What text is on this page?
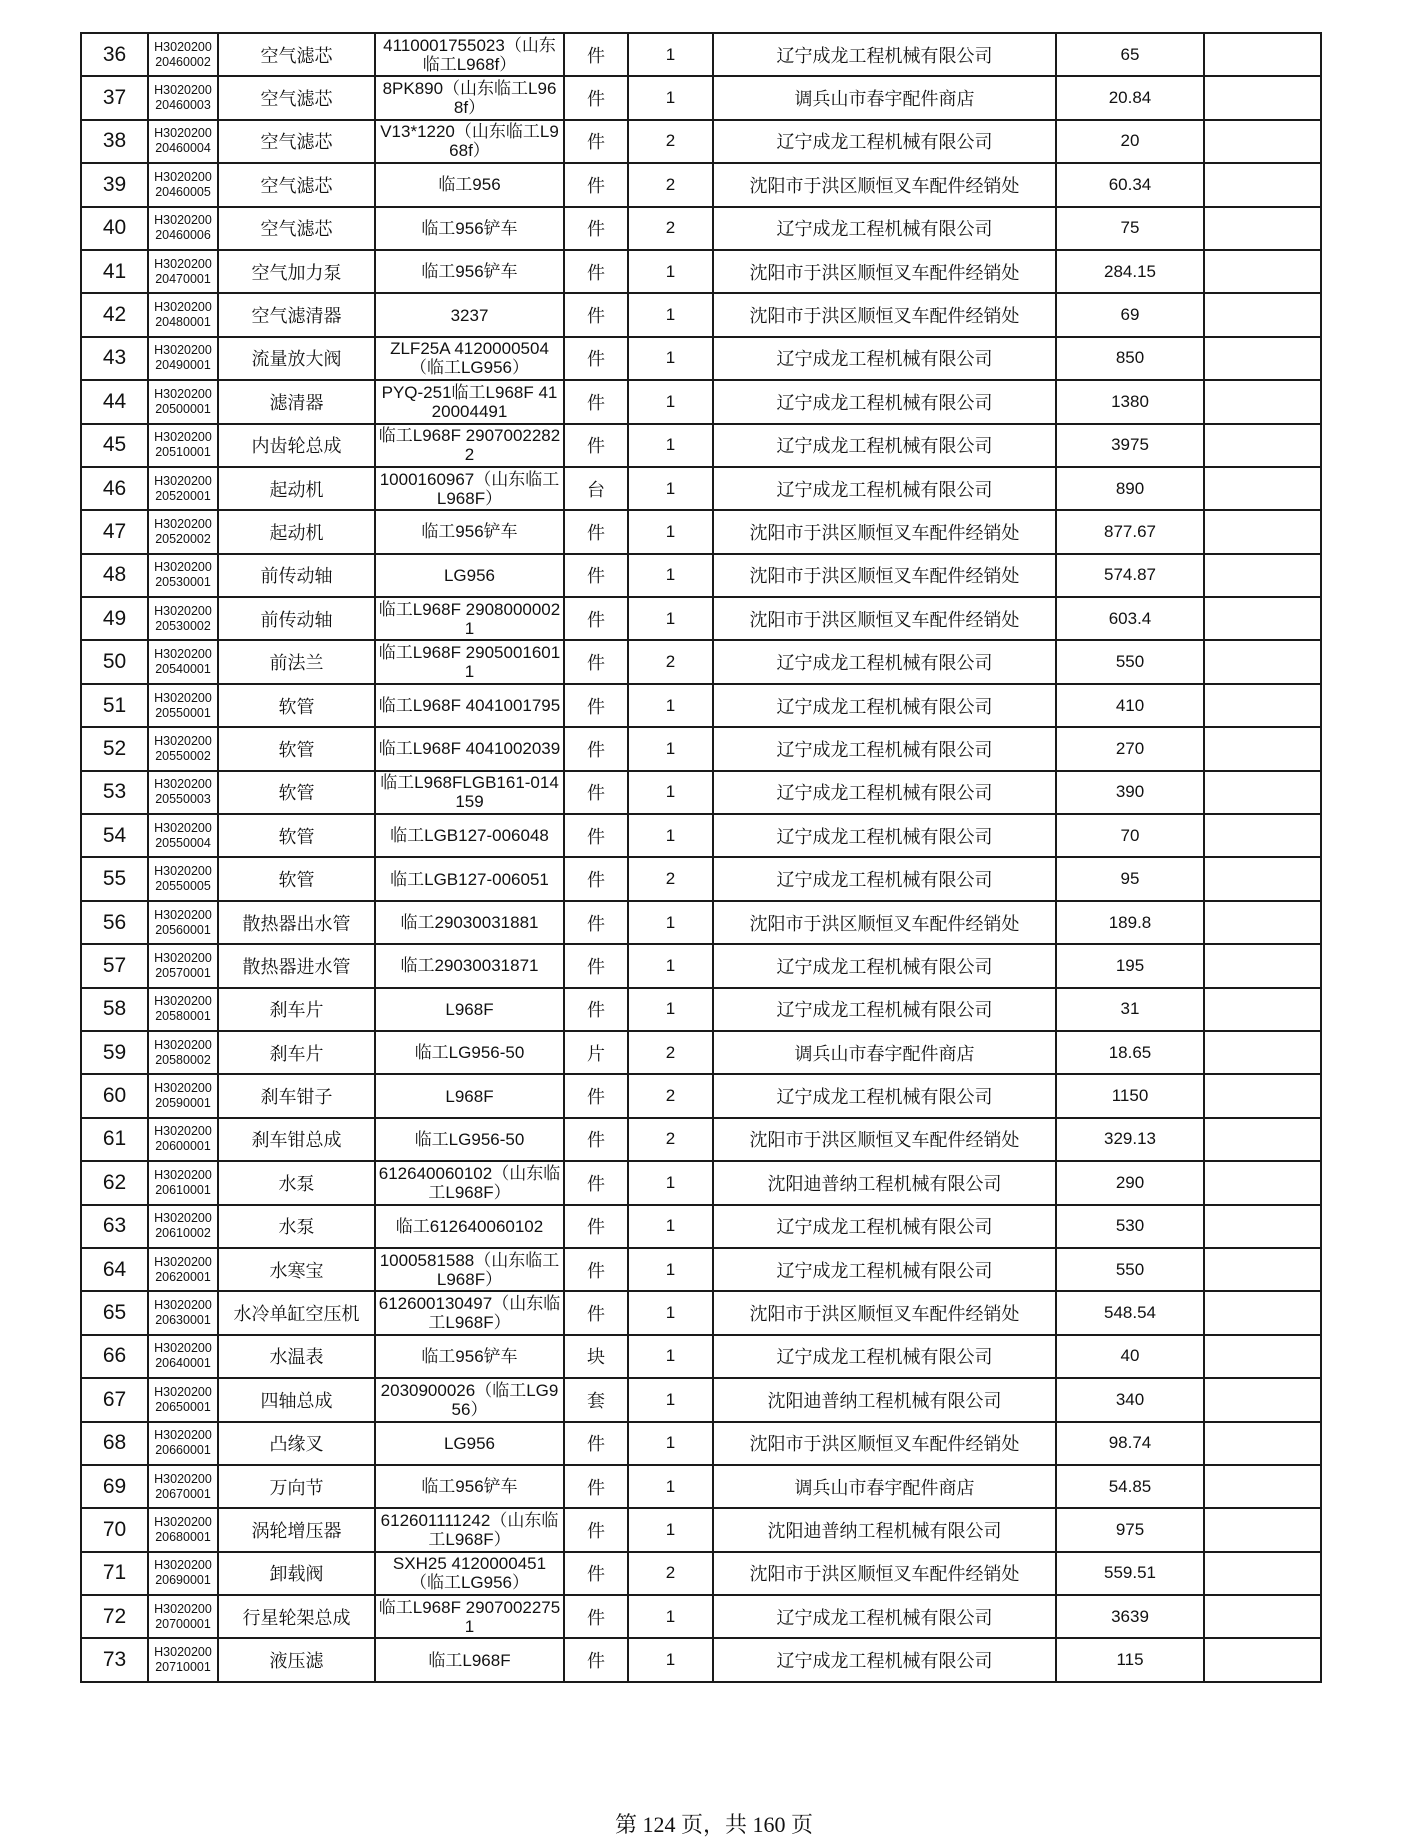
36	H302020020460002	空气滤芯	4110001755023（山东临工L968f）	件	1	辽宁成龙工程机械有限公司	65	
37	H302020020460003	空气滤芯	8PK890（山东临工L968f）	件	1	调兵山市春宇配件商店	20.84	
38	H302020020460004	空气滤芯	V13*1220（山东临工L968f）	件	2	辽宁成龙工程机械有限公司	20	
39	H302020020460005	空气滤芯	临工956	件	2	沈阳市于洪区顺恒叉车配件经销处	60.34	
40	H302020020460006	空气滤芯	临工956铲车	件	2	辽宁成龙工程机械有限公司	75	
41	H302020020470001	空气加力泵	临工956铲车	件	1	沈阳市于洪区顺恒叉车配件经销处	284.15	
42	H302020020480001	空气滤清器	3237	件	1	沈阳市于洪区顺恒叉车配件经销处	69	
43	H302020020490001	流量放大阀	ZLF25A 4120000504（临工LG956）	件	1	辽宁成龙工程机械有限公司	850	
44	H302020020500001	滤清器	PYQ-251临工L968F 4120004491	件	1	辽宁成龙工程机械有限公司	1380	
45	H302020020510001	内齿轮总成	临工L968F 29070022822	件	1	辽宁成龙工程机械有限公司	3975	
46	H302020020520001	起动机	1000160967（山东临工L968F）	台	1	辽宁成龙工程机械有限公司	890	
47	H302020020520002	起动机	临工956铲车	件	1	沈阳市于洪区顺恒叉车配件经销处	877.67	
48	H302020020530001	前传动轴	LG956	件	1	沈阳市于洪区顺恒叉车配件经销处	574.87	
49	H302020020530002	前传动轴	临工L968F 29080000021	件	1	沈阳市于洪区顺恒叉车配件经销处	603.4	
50	H302020020540001	前法兰	临工L968F 29050016011	件	2	辽宁成龙工程机械有限公司	550	
51	H302020020550001	软管	临工L968F 4041001795	件	1	辽宁成龙工程机械有限公司	410	
52	H302020020550002	软管	临工L968F 4041002039	件	1	辽宁成龙工程机械有限公司	270	
53	H302020020550003	软管	临工L968FLGB161-014159	件	1	辽宁成龙工程机械有限公司	390	
54	H302020020550004	软管	临工LGB127-006048	件	1	辽宁成龙工程机械有限公司	70	
55	H302020020550005	软管	临工LGB127-006051	件	2	辽宁成龙工程机械有限公司	95	
56	H302020020560001	散热器出水管	临工29030031881	件	1	沈阳市于洪区顺恒叉车配件经销处	189.8	
57	H302020020570001	散热器进水管	临工29030031871	件	1	辽宁成龙工程机械有限公司	195	
58	H302020020580001	刹车片	L968F	件	1	辽宁成龙工程机械有限公司	31	
59	H302020020580002	刹车片	临工LG956-50	片	2	调兵山市春宇配件商店	18.65	
60	H302020020590001	刹车钳子	L968F	件	2	辽宁成龙工程机械有限公司	1150	
61	H302020020600001	刹车钳总成	临工LG956-50	件	2	沈阳市于洪区顺恒叉车配件经销处	329.13	
62	H302020020610001	水泵	612640060102（山东临工L968F）	件	1	沈阳迪普纳工程机械有限公司	290	
63	H302020020610002	水泵	临工612640060102	件	1	辽宁成龙工程机械有限公司	530	
64	H302020020620001	水寒宝	1000581588（山东临工L968F）	件	1	辽宁成龙工程机械有限公司	550	
65	H302020020630001	水冷单缸空压机	612600130497（山东临工L968F）	件	1	沈阳市于洪区顺恒叉车配件经销处	548.54	
66	H302020020640001	水温表	临工956铲车	块	1	辽宁成龙工程机械有限公司	40	
67	H302020020650001	四轴总成	2030900026（临工LG956）	套	1	沈阳迪普纳工程机械有限公司	340	
68	H302020020660001	凸缘叉	LG956	件	1	沈阳市于洪区顺恒叉车配件经销处	98.74	
69	H302020020670001	万向节	临工956铲车	件	1	调兵山市春宇配件商店	54.85	
70	H302020020680001	涡轮增压器	612601111242（山东临工L968F）	件	1	沈阳迪普纳工程机械有限公司	975	
71	H302020020690001	卸载阀	SXH25 4120000451（临工LG956）	件	2	沈阳市于洪区顺恒叉车配件经销处	559.51	
72	H302020020700001	行星轮架总成	临工L968F 29070022751	件	1	辽宁成龙工程机械有限公司	3639	
73	H302020020710001	液压滤	临工L968F	件	1	辽宁成龙工程机械有限公司	115	
第 124 页，共 160 页
